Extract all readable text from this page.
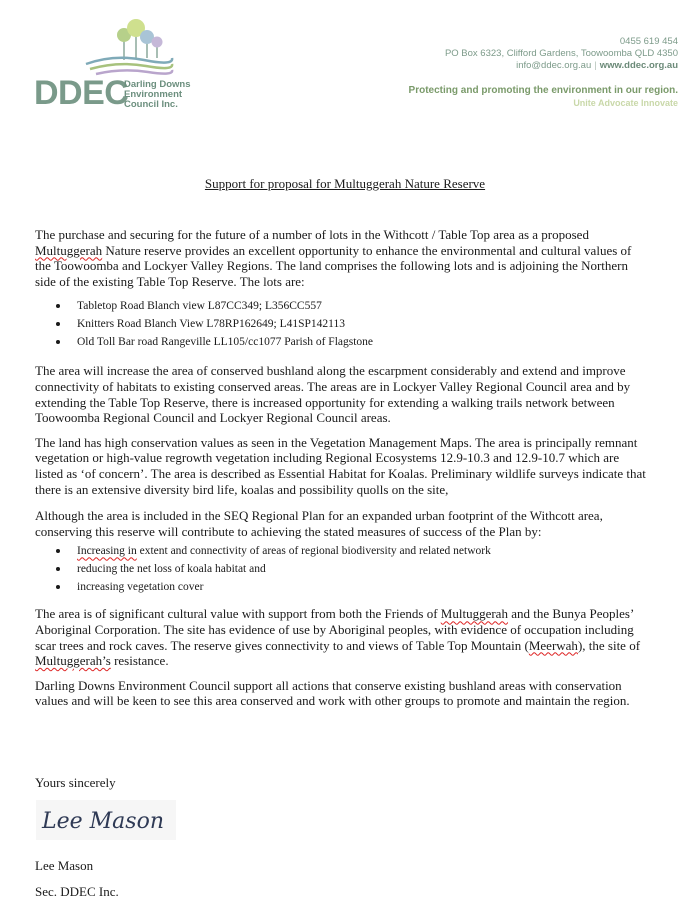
DDEC
Darling Downs
Environment
Council Inc.
0455 619 454
PO Box 6323, Clifford Gardens, Toowoomba QLD 4350
info@ddec.org.au | www.ddec.org.au
Protecting and promoting the environment in our region.
Unite Advocate Innovate
Support for proposal for Multuggerah Nature Reserve

The purchase and securing for the future of a number of lots in the Withcott / Table Top area as a proposed Multuggerah Nature reserve provides an excellent opportunity to enhance the environmental and cultural values of the Toowoomba and Lockyer Valley Regions. The land comprises the following lots and is adjoining the Northern side of the existing Table Top Reserve. The lots are:

Tabletop Road Blanch view L87CC349; L356CC557
Knitters Road Blanch View L78RP162649; L41SP142113
Old Toll Bar road Rangeville LL105/cc1077 Parish of Flagstone

The area will increase the area of conserved bushland along the escarpment considerably and extend and improve connectivity of habitats to existing conserved areas. The areas are in Lockyer Valley Regional Council area and by extending the Table Top Reserve, there is increased opportunity for extending a walking trails network between Toowoomba Regional Council and Lockyer Regional Council areas.

The land has high conservation values as seen in the Vegetation Management Maps. The area is principally remnant vegetation or high-value regrowth vegetation including Regional Ecosystems 12.9-10.3 and 12.9-10.7 which are listed as ‘of concern’. The area is described as Essential Habitat for Koalas. Preliminary wildlife surveys indicate that there is an extensive diversity bird life, koalas and possibility quolls on the site,

Although the area is included in the SEQ Regional Plan for an expanded urban footprint of the Withcott area, conserving this reserve will contribute to achieving the stated measures of success of the Plan by:

Increasing in extent and connectivity of areas of regional biodiversity and related network
reducing the net loss of koala habitat and
increasing vegetation cover

The area is of significant cultural value with support from both the Friends of Multuggerah and the Bunya Peoples’ Aboriginal Corporation. The site has evidence of use by Aboriginal peoples, with evidence of occupation including scar trees and rock caves. The reserve gives connectivity to and views of Table Top Mountain (Meerwah), the site of Multuggerah’s resistance.

Darling Downs Environment Council support all actions that conserve existing bushland areas with conservation values and will be keen to see this area conserved and work with other groups to promote and maintain the region.

Yours sincerely
Lee Mason
Lee Mason
Sec. DDEC Inc.
